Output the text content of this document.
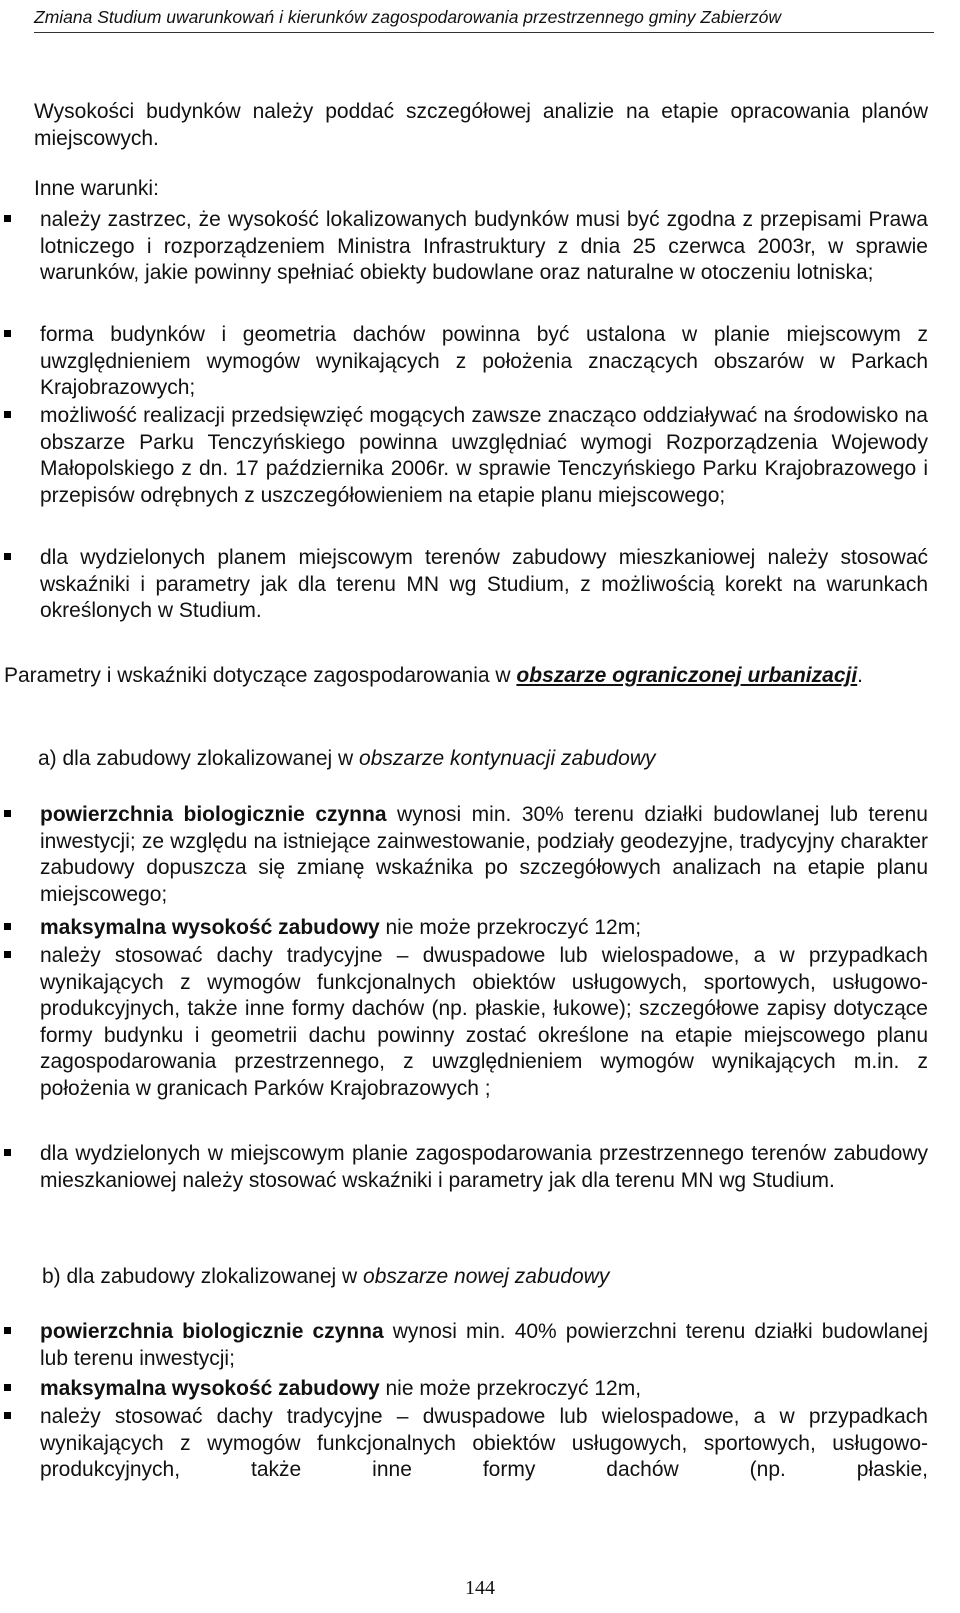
Zmiana Studium uwarunkowań i kierunków zagospodarowania przestrzennego gminy Zabierzów
Wysokości budynków należy poddać szczegółowej analizie na etapie opracowania planów miejscowych.
Inne warunki:
należy zastrzec, że wysokość lokalizowanych budynków musi być zgodna z przepisami Prawa lotniczego i rozporządzeniem Ministra Infrastruktury z dnia 25 czerwca 2003r, w sprawie warunków, jakie powinny spełniać obiekty budowlane oraz naturalne w otoczeniu lotniska;
forma budynków i geometria dachów powinna być ustalona w planie miejscowym z uwzględnieniem wymogów wynikających z położenia znaczących obszarów w Parkach Krajobrazowych;
możliwość realizacji przedsięwzięć mogących zawsze znacząco oddziaływać na środowisko na obszarze Parku Tenczyńskiego powinna uwzględniać wymogi Rozporządzenia Wojewody Małopolskiego z dn. 17 października 2006r. w sprawie Tenczyńskiego Parku Krajobrazowego i przepisów odrębnych z uszczegółowieniem na etapie planu miejscowego;
dla wydzielonych planem miejscowym terenów zabudowy mieszkaniowej należy stosować wskaźniki i parametry jak dla terenu MN wg Studium, z możliwością korekt na warunkach określonych w Studium.
Parametry i wskaźniki dotyczące zagospodarowania w obszarze ograniczonej urbanizacji.
a) dla zabudowy zlokalizowanej w obszarze kontynuacji zabudowy
powierzchnia biologicznie czynna wynosi min. 30% terenu działki budowlanej lub terenu inwestycji; ze względu na istniejące zainwestowanie, podziały geodezyjne, tradycyjny charakter zabudowy dopuszcza się zmianę wskaźnika po szczegółowych analizach na etapie planu miejscowego;
maksymalna wysokość zabudowy nie może przekroczyć 12m;
należy stosować dachy tradycyjne – dwuspadowe lub wielospadowe, a w przypadkach wynikających z wymogów funkcjonalnych obiektów usługowych, sportowych, usługowo- produkcyjnych, także inne formy dachów (np. płaskie, łukowe); szczegółowe zapisy dotyczące formy budynku i geometrii dachu powinny zostać określone na etapie miejscowego planu zagospodarowania przestrzennego, z uwzględnieniem wymogów wynikających m.in. z położenia w granicach Parków Krajobrazowych ;
dla wydzielonych w miejscowym planie zagospodarowania przestrzennego terenów zabudowy mieszkaniowej należy stosować wskaźniki i parametry jak dla terenu MN wg Studium.
b) dla zabudowy zlokalizowanej w obszarze nowej zabudowy
powierzchnia biologicznie czynna wynosi min. 40% powierzchni terenu działki budowlanej lub terenu inwestycji;
maksymalna wysokość zabudowy nie może przekroczyć 12m,
należy stosować dachy tradycyjne – dwuspadowe lub wielospadowe, a w przypadkach wynikających z wymogów funkcjonalnych obiektów usługowych, sportowych, usługowo- produkcyjnych, także inne formy dachów (np. płaskie,
144
